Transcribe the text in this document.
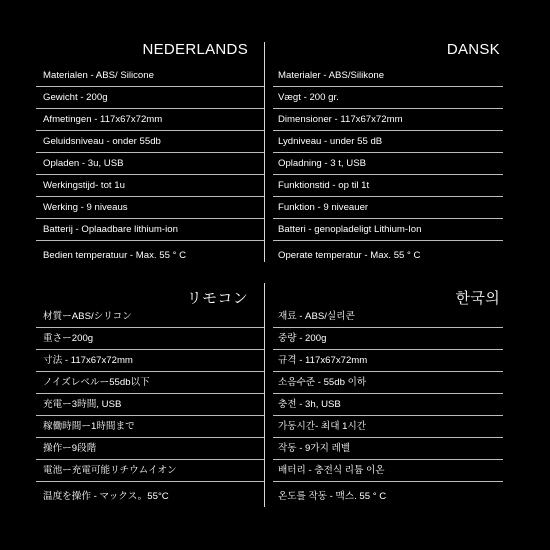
NEDERLANDS	DANSK
Materialen - ABS/ Silicone
Gewicht - 200g
Afmetingen - 117x67x72mm
Geluidsniveau - onder 55db
Opladen - 3u, USB
Werkingstijd- tot 1u
Werking - 9 niveaus
Batterij - Oplaadbare lithium-ion
Bedien temperatuur - Max. 55 ° C
Materialer - ABS/Silikone
Vægt - 200 gr.
Dimensioner - 117x67x72mm
Lydniveau - under 55 dB
Opladning - 3 t, USB
Funktionstid - op til 1t
Funktion - 9 niveauer
Batteri - genopladeligt Lithium-Ion
Operate temperatur - Max. 55 ° C
リモコン	한국의
材質ーABS/シリコン
重さー200g
寸法 - 117x67x72mm
ノイズレベルー55db以下
充電ー3時間, USB
稼働時間ー1時間まで
操作ー9段階
電池ー充電可能リチウムイオン
温度を操作 - マックス。55°C
재료 - ABS/실리콘
중량 - 200g
규격 - 117x67x72mm
소음수준 - 55db 이하
충전 - 3h, USB
가동시간- 최대 1시간
작동 - 9가지 레벨
배터리 - 충전식 리튬 이온
온도를 작동 - 맥스. 55 ° C
